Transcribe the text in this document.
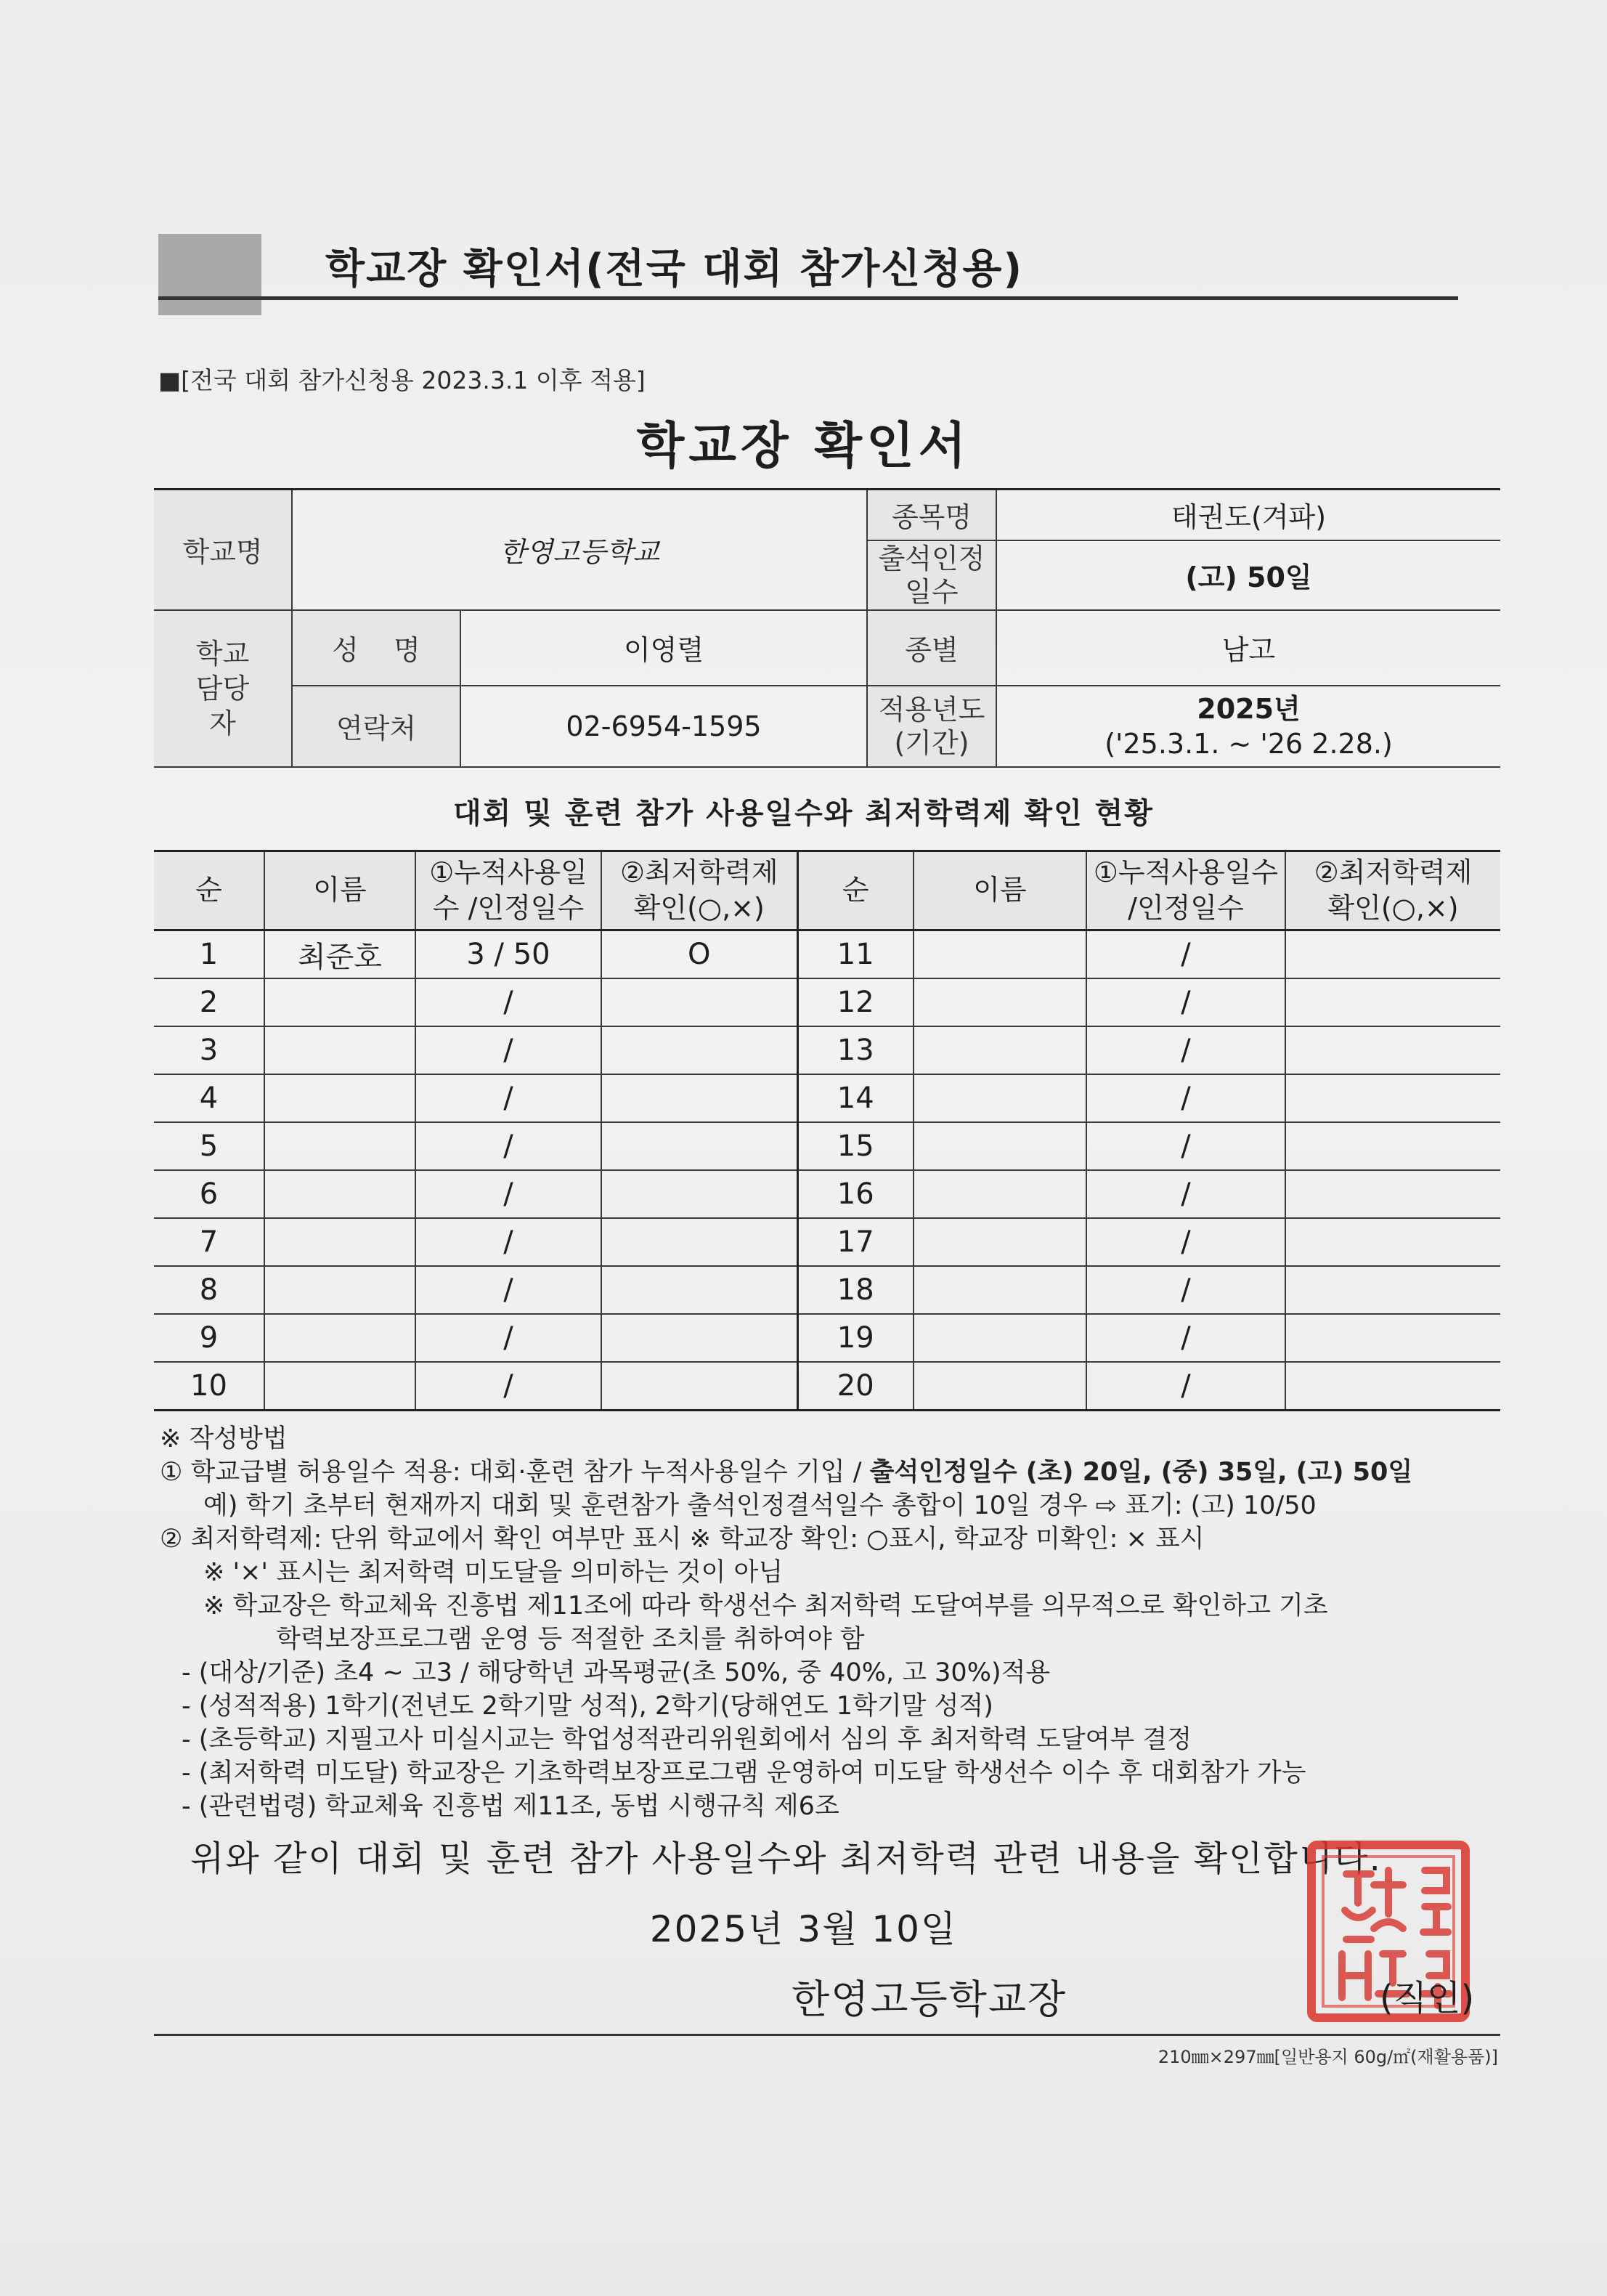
학교장 확인서(전국 대회 참가신청용)
■[전국 대회 참가신청용 2023.3.1 이후 적용]
학교장 확인서
학교명	한영고등학교		종목명	태권도(겨파)
			출석인정 일수	(고) 50일
학교 담당자	성    명	이영렬	종별	남고
	연락처	02-6954-1595	적용년도 (기간)	2025년
('25.3.1. ~ '26 2.28.)
대회 및 훈련 참가 사용일수와 최저학력제 확인 현황
순	이름	①누적사용일수 /인정일수	②최저학력제 확인(○,×)	순	이름	①누적사용일수 /인정일수	②최저학력제 확인(○,×)
1	최준호	3 / 50	O	11		/	
2		/		12		/	
3		/		13		/	
4		/		14		/	
5		/		15		/	
6		/		16		/	
7		/		17		/	
8		/		18		/	
9		/		19		/	
10		/		20		/	
※ 작성방법
① 학교급별 허용일수 적용: 대회·훈련 참가 누적사용일수 기입 / 출석인정일수 (초) 20일, (중) 35일, (고) 50일
예) 학기 초부터 현재까지 대회 및 훈련참가 출석인정결석일수 총합이 10일 경우 ⇨ 표기: (고) 10/50
② 최저학력제: 단위 학교에서 확인 여부만 표시 ※ 학교장 확인: ○표시, 학교장 미확인: × 표시
※ '×' 표시는 최저학력 미도달을 의미하는 것이 아님
※ 학교장은 학교체육 진흥법 제11조에 따라 학생선수 최저학력 도달여부를 의무적으로 확인하고 기초
학력보장프로그램 운영 등 적절한 조치를 취하여야 함
- (대상/기준) 초4 ~ 고3 / 해당학년 과목평균(초 50%, 중 40%, 고 30%)적용
- (성적적용) 1학기(전년도 2학기말 성적), 2학기(당해연도 1학기말 성적)
- (초등학교) 지필고사 미실시교는 학업성적관리위원회에서 심의 후 최저학력 도달여부 결정
- (최저학력 미도달) 학교장은 기초학력보장프로그램 운영하여 미도달 학생선수 이수 후 대회참가 가능
- (관련법령) 학교체육 진흥법 제11조, 동법 시행규칙 제6조
위와 같이 대회 및 훈련 참가 사용일수와 최저학력 관련 내용을 확인합니다.
2025년 3월 10일
한영고등학교장	(직인)
210㎜×297㎜[일반용지 60g/㎡(재활용품)]
